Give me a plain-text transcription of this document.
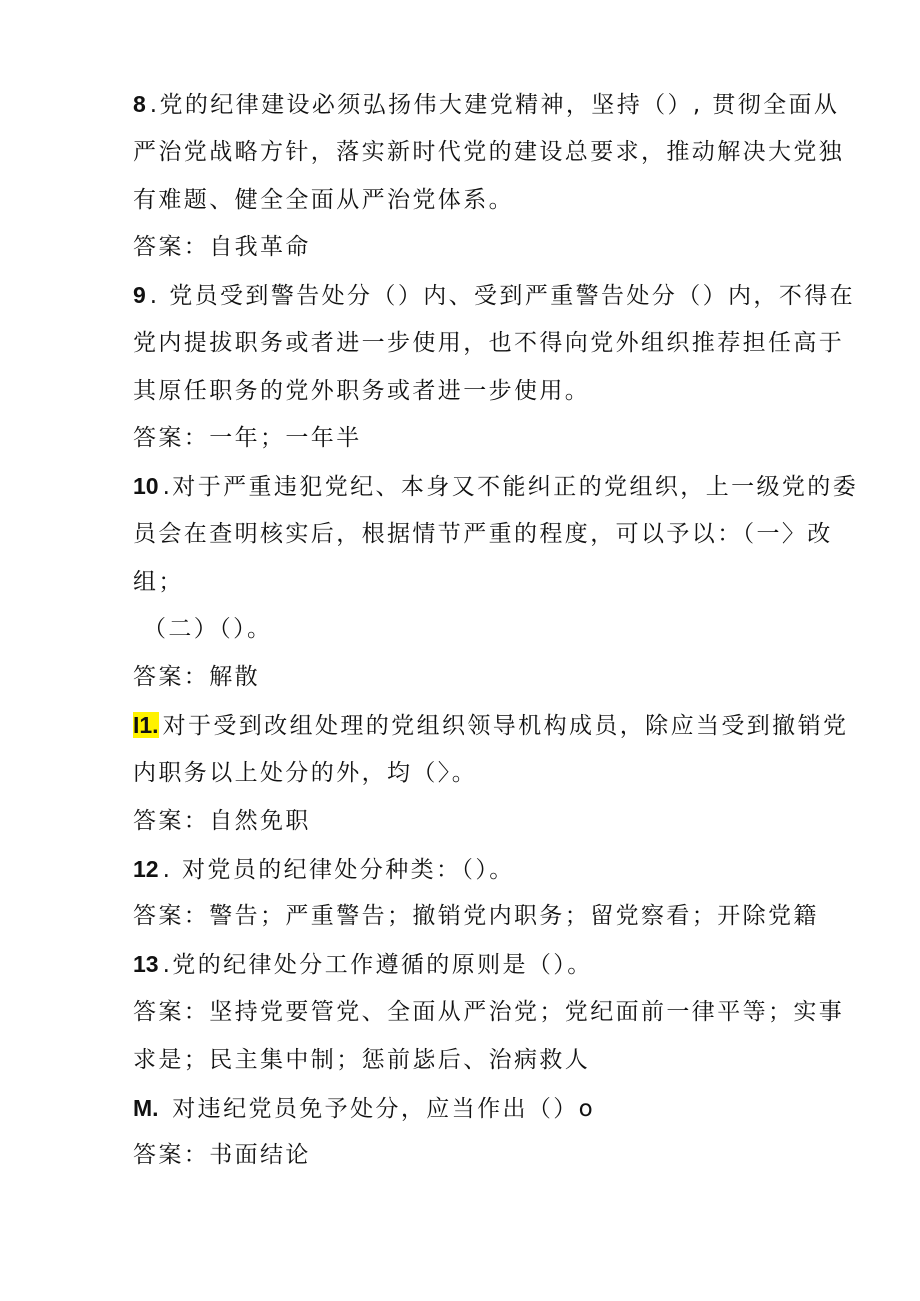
8 .党的纪律建设必须弘扬伟大建党精神，坚持（）, 贯彻全面从
严治党战略方针，落实新时代党的建设总要求，推动解决大党独
有难题、健全全面从严治党体系。
答案：自我革命
9 . 党员受到警告处分（）内、受到严重警告处分（）内，不得在
党内提拔职务或者进一步使用，也不得向党外组织推荐担任高于
其原任职务的党外职务或者进一步使用。
答案：一年；一年半
10 .对于严重违犯党纪、本身又不能纠正的党组织，上一级党的委
员会在查明核实后，根据情节严重的程度，可以予以：（一〉改
组；
（二）（）。
答案：解散
I1. 对于受到改组处理的党组织领导机构成员，除应当受到撤销党
内职务以上处分的外，均（〉。
答案：自然免职
12 . 对党员的纪律处分种类：（）。
答案：警告；严重警告；撤销党内职务；留党察看；开除党籍
13 .党的纪律处分工作遵循的原则是（）。
答案：坚持党要管党、全面从严治党；党纪面前一律平等；实事
求是；民主集中制；惩前毖后、治病救人
M. 对违纪党员免予处分，应当作出（）o
答案：书面结论
